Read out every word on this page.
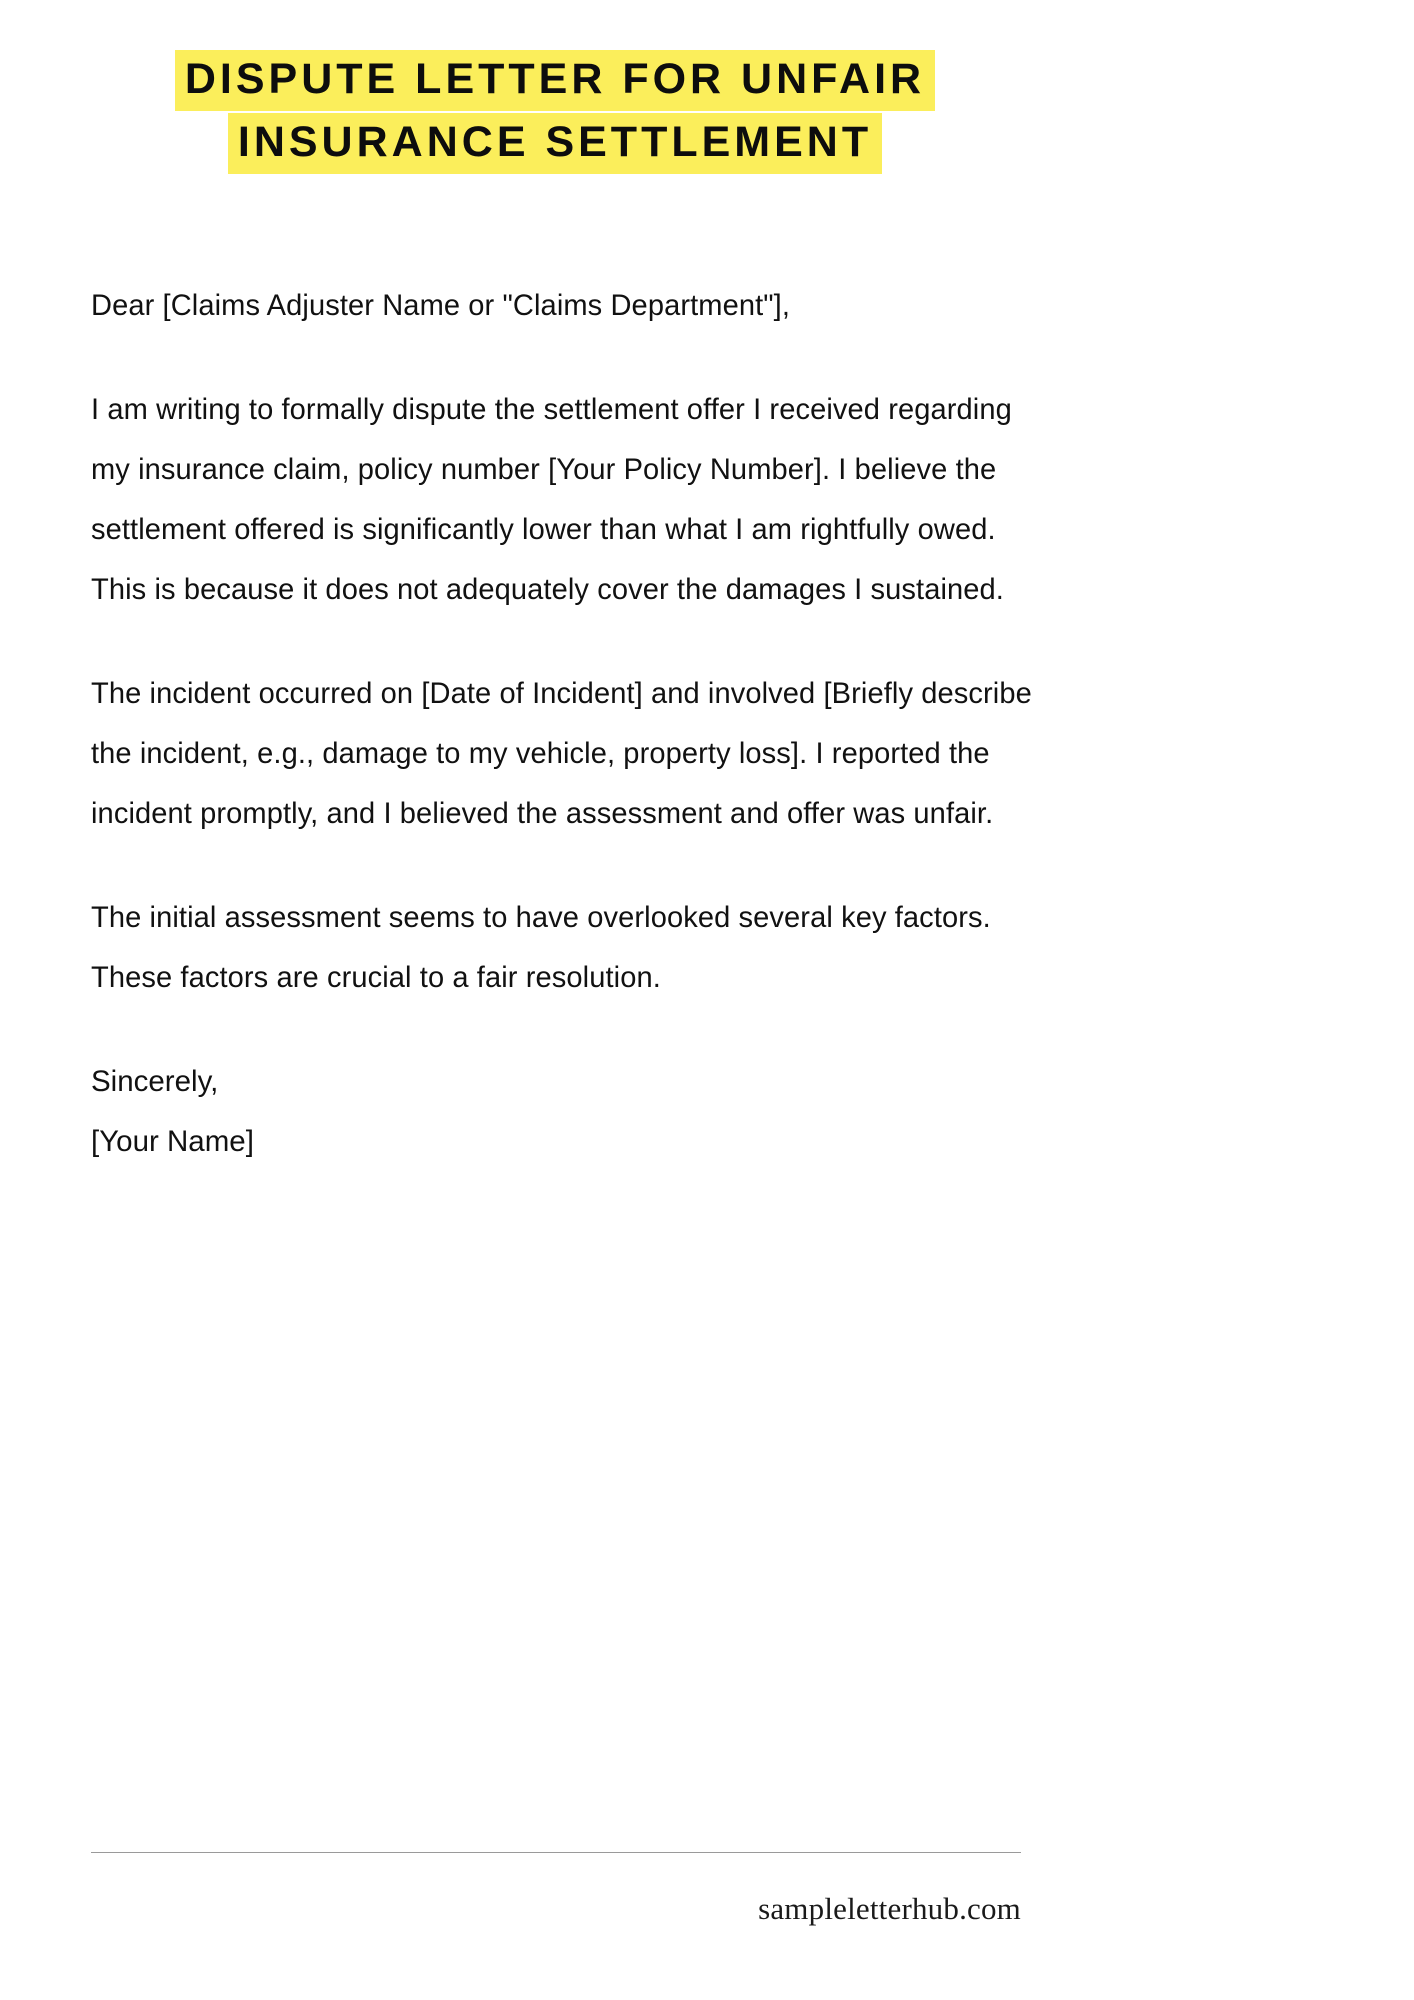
DISPUTE LETTER FOR UNFAIR INSURANCE SETTLEMENT

Dear [Claims Adjuster Name or "Claims Department"],

I am writing to formally dispute the settlement offer I received regarding my insurance claim, policy number [Your Policy Number]. I believe the settlement offered is significantly lower than what I am rightfully owed. This is because it does not adequately cover the damages I sustained.

The incident occurred on [Date of Incident] and involved [Briefly describe the incident, e.g., damage to my vehicle, property loss]. I reported the incident promptly, and I believed the assessment and offer was unfair.

The initial assessment seems to have overlooked several key factors. These factors are crucial to a fair resolution.

Sincerely,

[Your Name]

sampleletterhub.com
